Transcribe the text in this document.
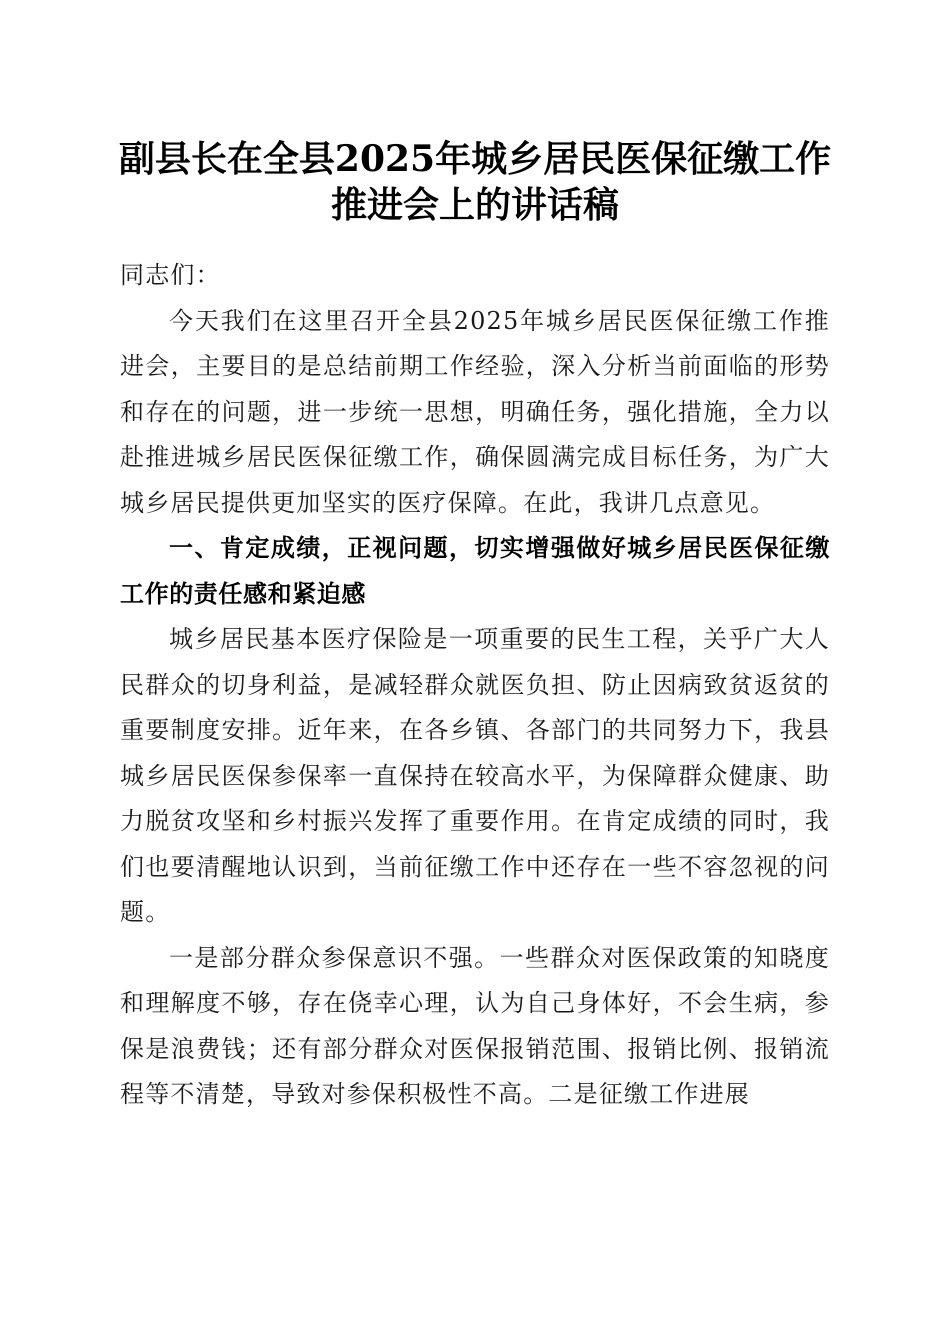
副县长在全县2025年城乡居民医保征缴工作
推进会上的讲话稿

同志们：

今天我们在这里召开全县2025年城乡居民医保征缴工作推进会，主要目的是总结前期工作经验，深入分析当前面临的形势和存在的问题，进一步统一思想，明确任务，强化措施，全力以赴推进城乡居民医保征缴工作，确保圆满完成目标任务，为广大城乡居民提供更加坚实的医疗保障。在此，我讲几点意见。

一、肯定成绩，正视问题，切实增强做好城乡居民医保征缴工作的责任感和紧迫感

城乡居民基本医疗保险是一项重要的民生工程，关乎广大人民群众的切身利益，是减轻群众就医负担、防止因病致贫返贫的重要制度安排。近年来，在各乡镇、各部门的共同努力下，我县城乡居民医保参保率一直保持在较高水平，为保障群众健康、助力脱贫攻坚和乡村振兴发挥了重要作用。在肯定成绩的同时，我们也要清醒地认识到，当前征缴工作中还存在一些不容忽视的问题。

一是部分群众参保意识不强。一些群众对医保政策的知晓度和理解度不够，存在侥幸心理，认为自己身体好，不会生病，参保是浪费钱；还有部分群众对医保报销范围、报销比例、报销流程等不清楚，导致对参保积极性不高。二是征缴工作进展
